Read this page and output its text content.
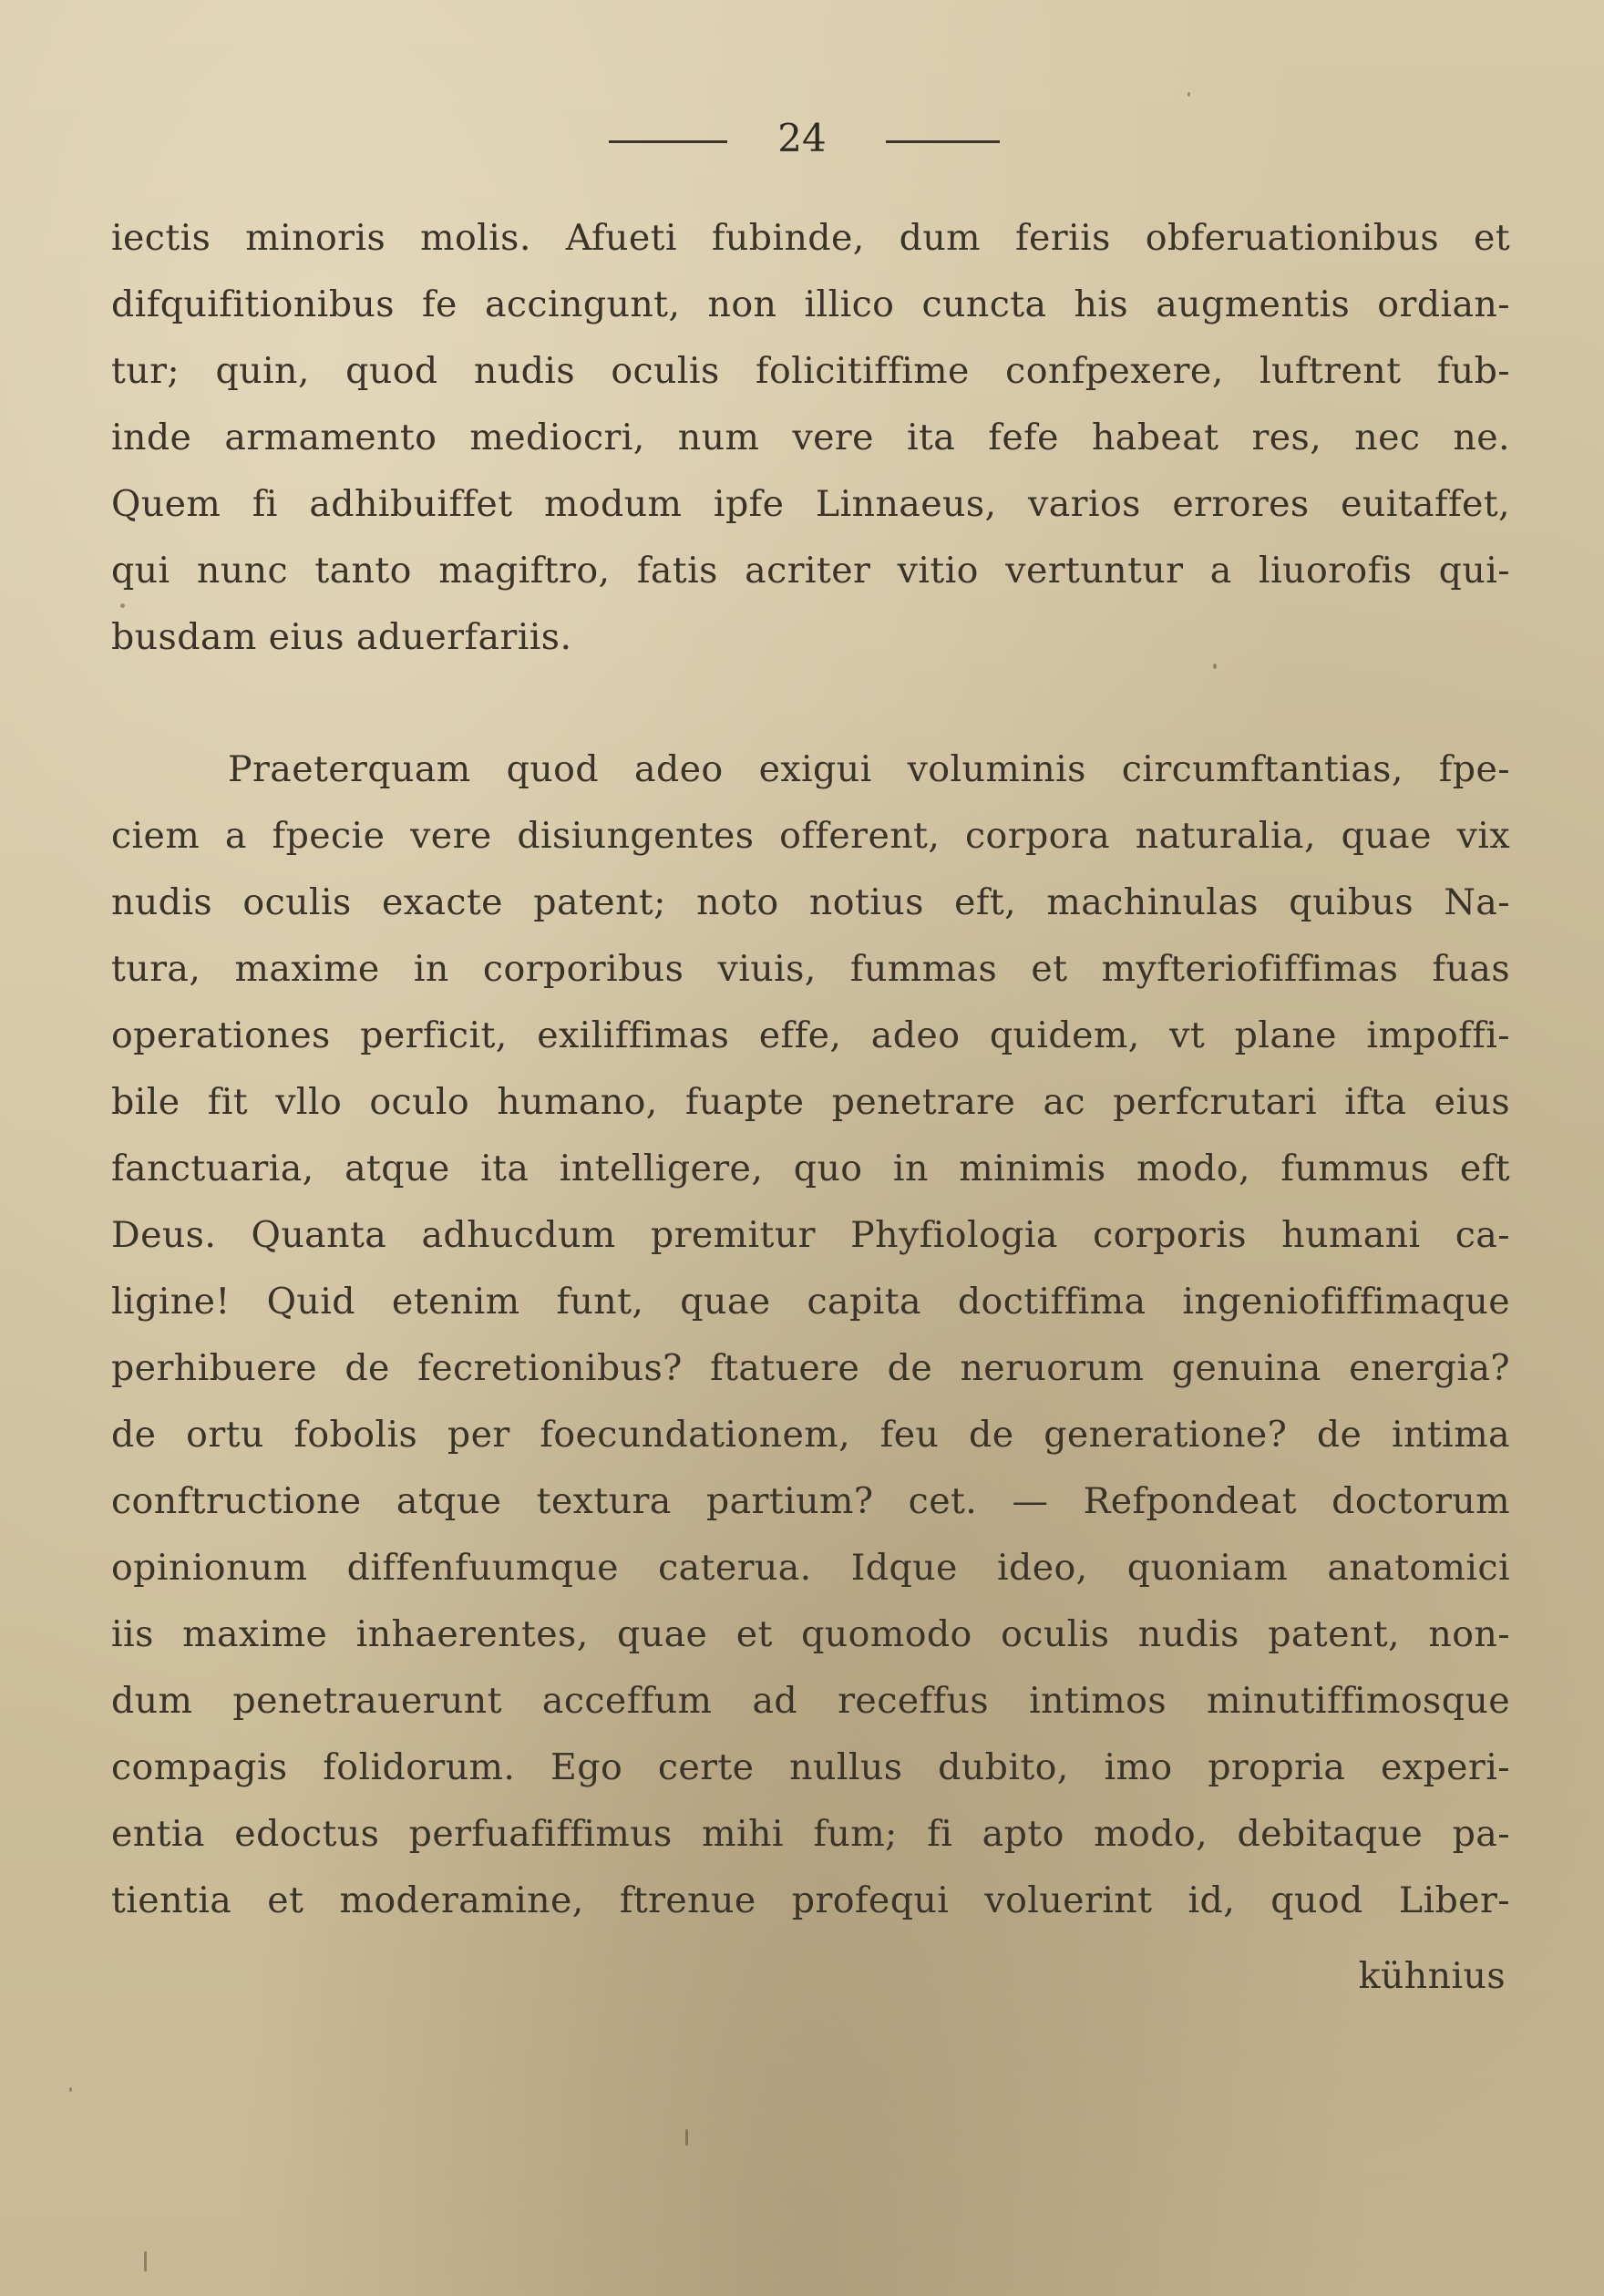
24
iectis minoris molis. Afueti fubinde, dum feriis obferuationibus et
difquifitionibus fe accingunt, non illico cuncta his augmentis ordian-
tur; quin, quod nudis oculis folicitiffime confpexere, luftrent fub-
inde armamento mediocri, num vere ita fefe habeat res, nec ne.
Quem fi adhibuiffet modum ipfe Linnaeus, varios errores euitaffet,
qui nunc tanto magiftro, fatis acriter vitio vertuntur a liuorofis qui-
busdam eius aduerfariis.
Praeterquam quod adeo exigui voluminis circumftantias, fpe-
ciem a fpecie vere disiungentes offerent, corpora naturalia, quae vix
nudis oculis exacte patent; noto notius eft, machinulas quibus Na-
tura, maxime in corporibus viuis, fummas et myfteriofiffimas fuas
operationes perficit, exiliffimas effe, adeo quidem, vt plane impoffi-
bile fit vllo oculo humano, fuapte penetrare ac perfcrutari ifta eius
fanctuaria, atque ita intelligere, quo in minimis modo, fummus eft
Deus. Quanta adhucdum premitur Phyfiologia corporis humani ca-
ligine! Quid etenim funt, quae capita doctiffima ingeniofiffimaque
perhibuere de fecretionibus? ftatuere de neruorum genuina energia?
de ortu fobolis per foecundationem, feu de generatione? de intima
conftructione atque textura partium? cet. — Refpondeat doctorum
opinionum diffenfuumque caterua. Idque ideo, quoniam anatomici
iis maxime inhaerentes, quae et quomodo oculis nudis patent, non-
dum penetrauerunt acceffum ad receffus intimos minutiffimosque
compagis folidorum. Ego certe nullus dubito, imo propria experi-
entia edoctus perfuafiffimus mihi fum; fi apto modo, debitaque pa-
tientia et moderamine, ftrenue profequi voluerint id, quod Liber-
kühnius
